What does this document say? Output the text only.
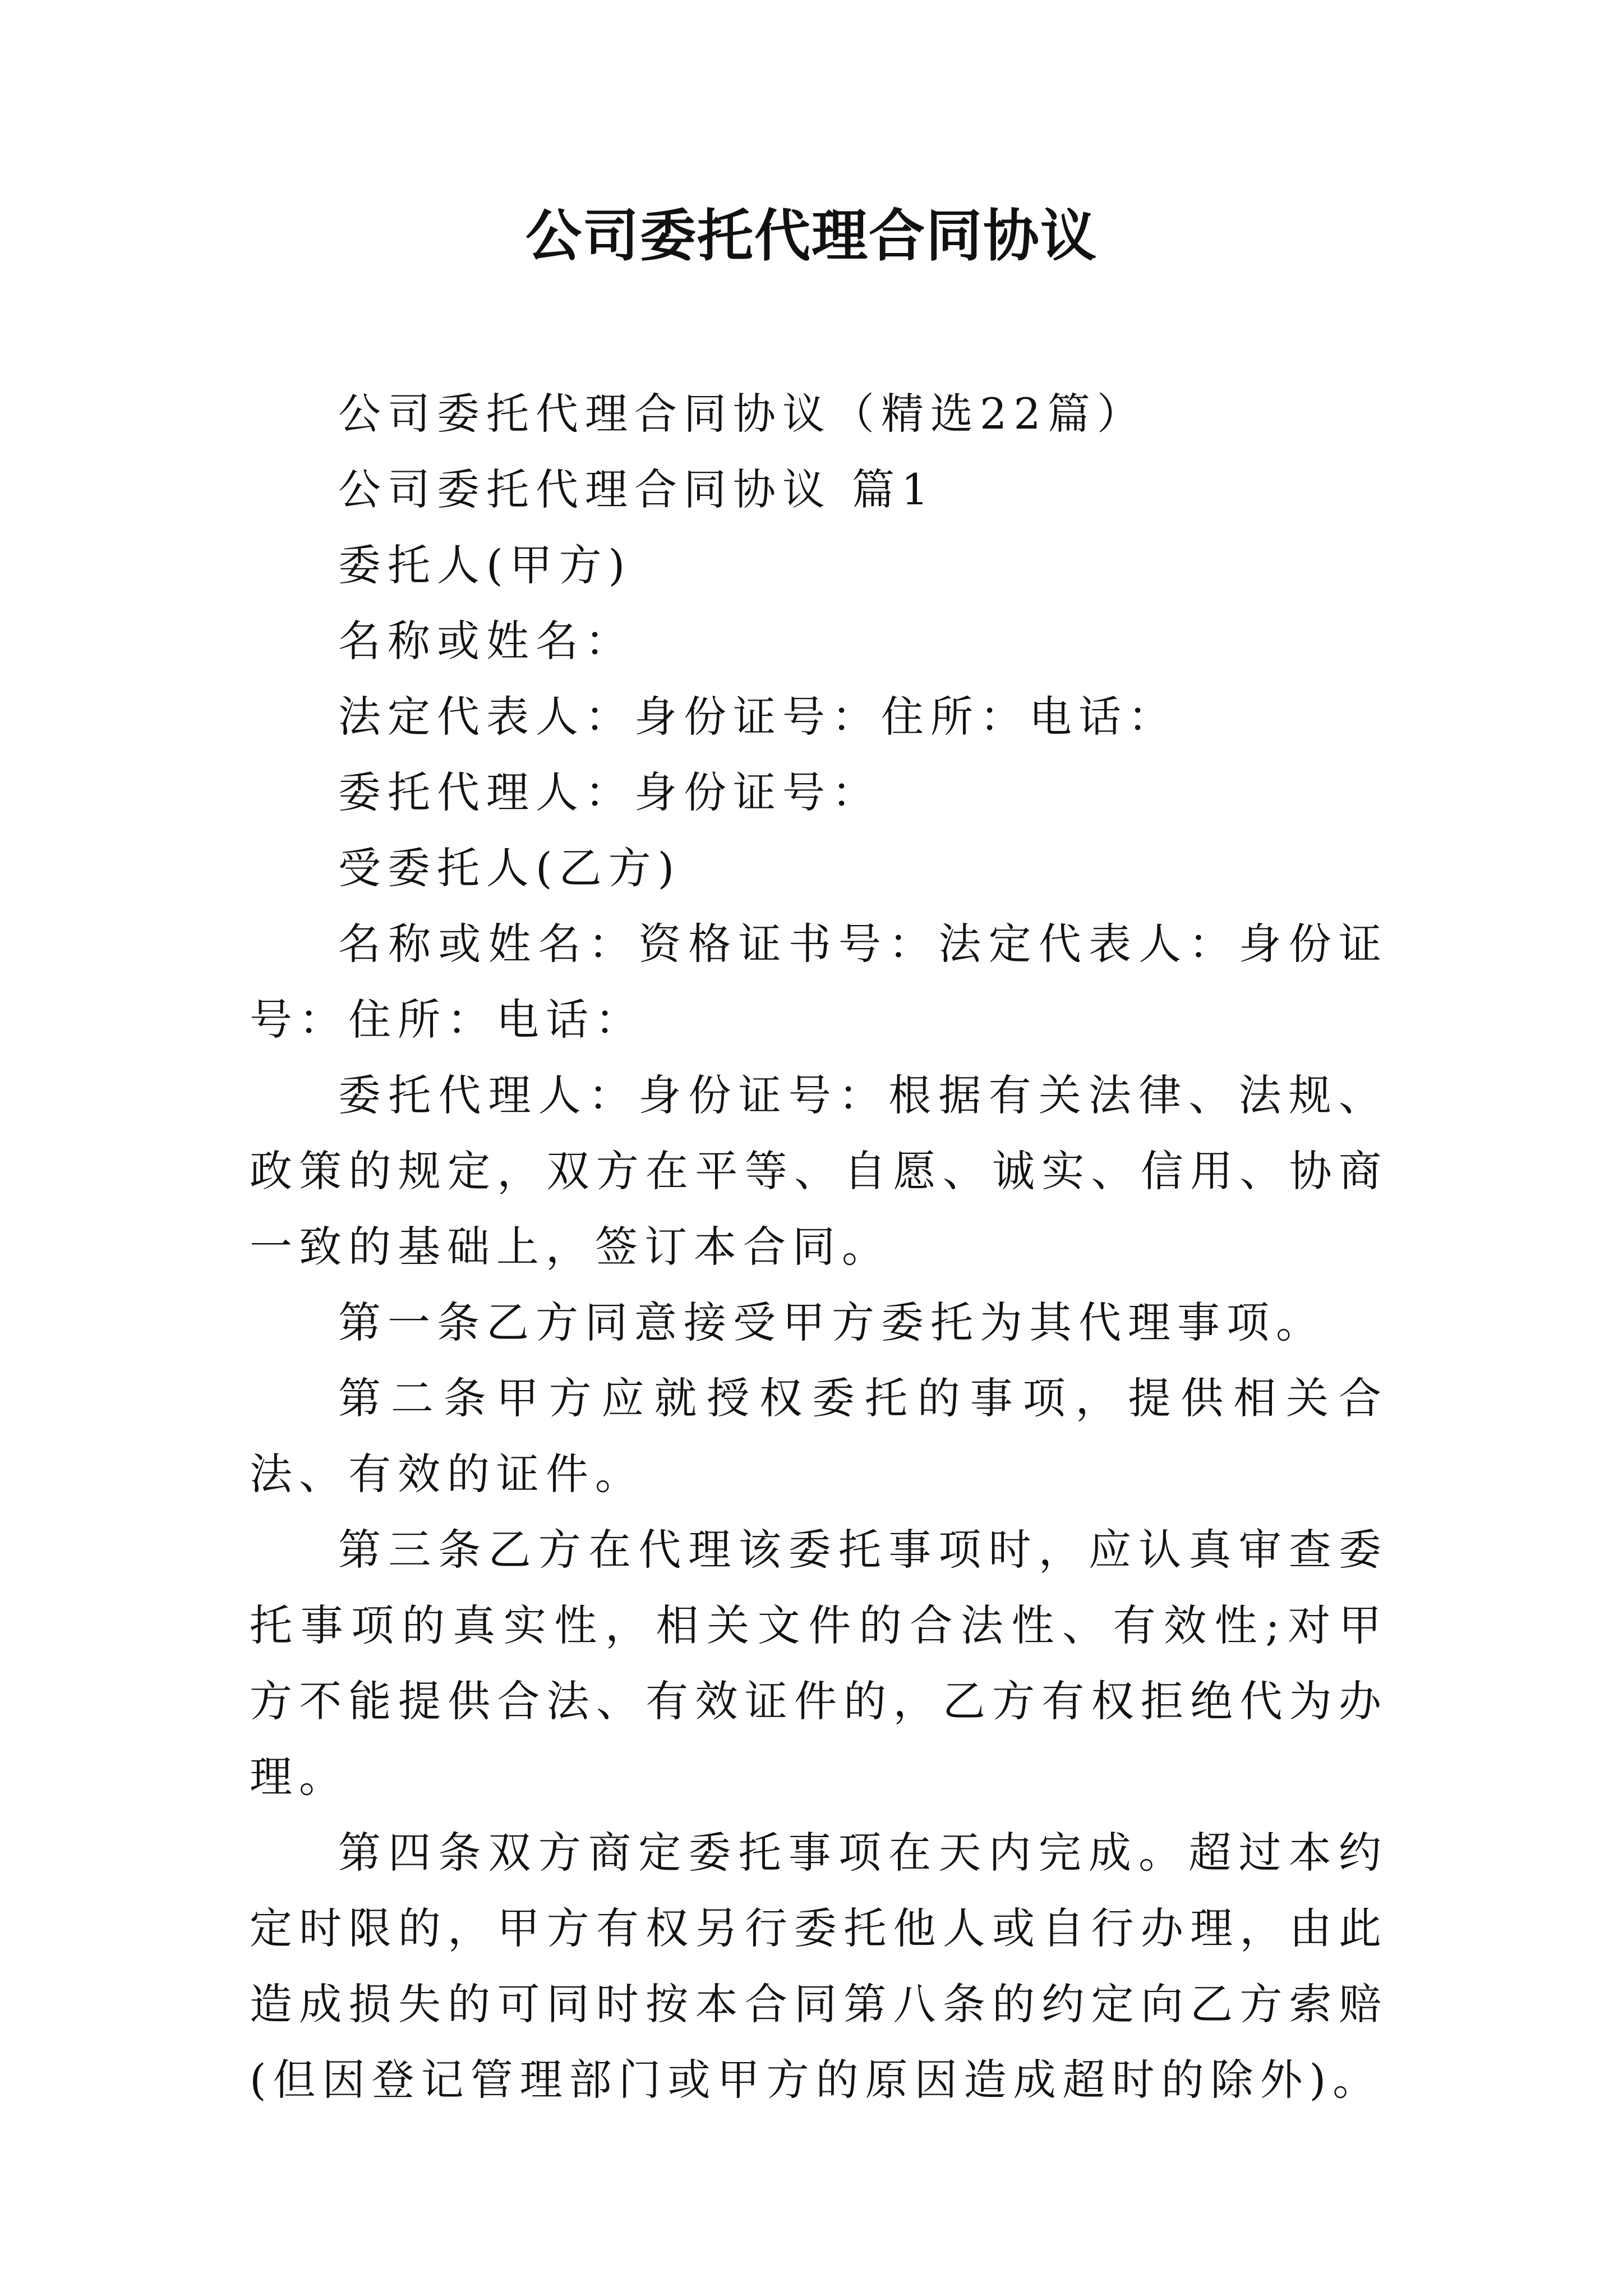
公司委托代理合同协议

公司委托代理合同协议（精选22篇）

公司委托代理合同协议 篇1

委托人(甲方)

名称或姓名：

法定代表人：身份证号：住所：电话：

委托代理人：身份证号：

受委托人(乙方)

名称或姓名：资格证书号：法定代表人：身份证号：住所：电话：

委托代理人：身份证号：根据有关法律、法规、政策的规定，双方在平等、自愿、诚实、信用、协商一致的基础上，签订本合同。

第一条乙方同意接受甲方委托为其代理事项。

第二条甲方应就授权委托的事项，提供相关合法、有效的证件。

第三条乙方在代理该委托事项时，应认真审查委托事项的真实性，相关文件的合法性、有效性;对甲方不能提供合法、有效证件的，乙方有权拒绝代为办理。

第四条双方商定委托事项在天内完成。超过本约定时限的，甲方有权另行委托他人或自行办理，由此造成损失的可同时按本合同第八条的约定向乙方索赔(但因登记管理部门或甲方的原因造成超时的除外)。
